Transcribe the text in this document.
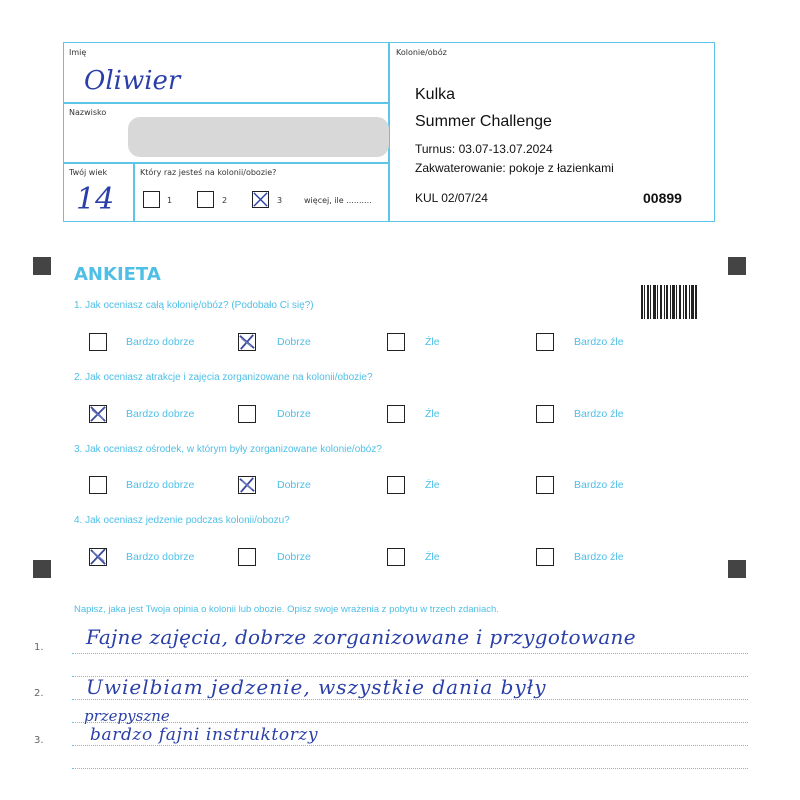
Imię
Oliwier
Nazwisko
Twój wiek
14
Który raz jesteś na kolonii/obozie?
1	2	3	więcej, ile ..........
Kolonie/obóz
Kulka
Summer Challenge
Turnus: 03.07-13.07.2024
Zakwaterowanie: pokoje z łazienkami
KUL 02/07/24	00899
ANKIETA
1. Jak oceniasz całą kolonię/obóz? (Podobało Ci się?)
Bardzo dobrze	Dobrze	Źle	Bardzo źle
2. Jak oceniasz atrakcje i zajęcia zorganizowane na kolonii/obozie?
Bardzo dobrze	Dobrze	Źle	Bardzo źle
3. Jak oceniasz ośrodek, w którym były zorganizowane kolonie/obóz?
Bardzo dobrze	Dobrze	Źle	Bardzo źle
4. Jak oceniasz jedzenie podczas kolonii/obozu?
Bardzo dobrze	Dobrze	Źle	Bardzo źle
Napisz, jaka jest Twoja opinia o kolonii lub obozie. Opisz swoje wrażenia z pobytu w trzech zdaniach.
1.
2.
3.
Fajne zajęcia, dobrze zorganizowane i przygotowane
Uwielbiam jedzenie, wszystkie dania były
przepyszne
bardzo fajni instruktorzy
